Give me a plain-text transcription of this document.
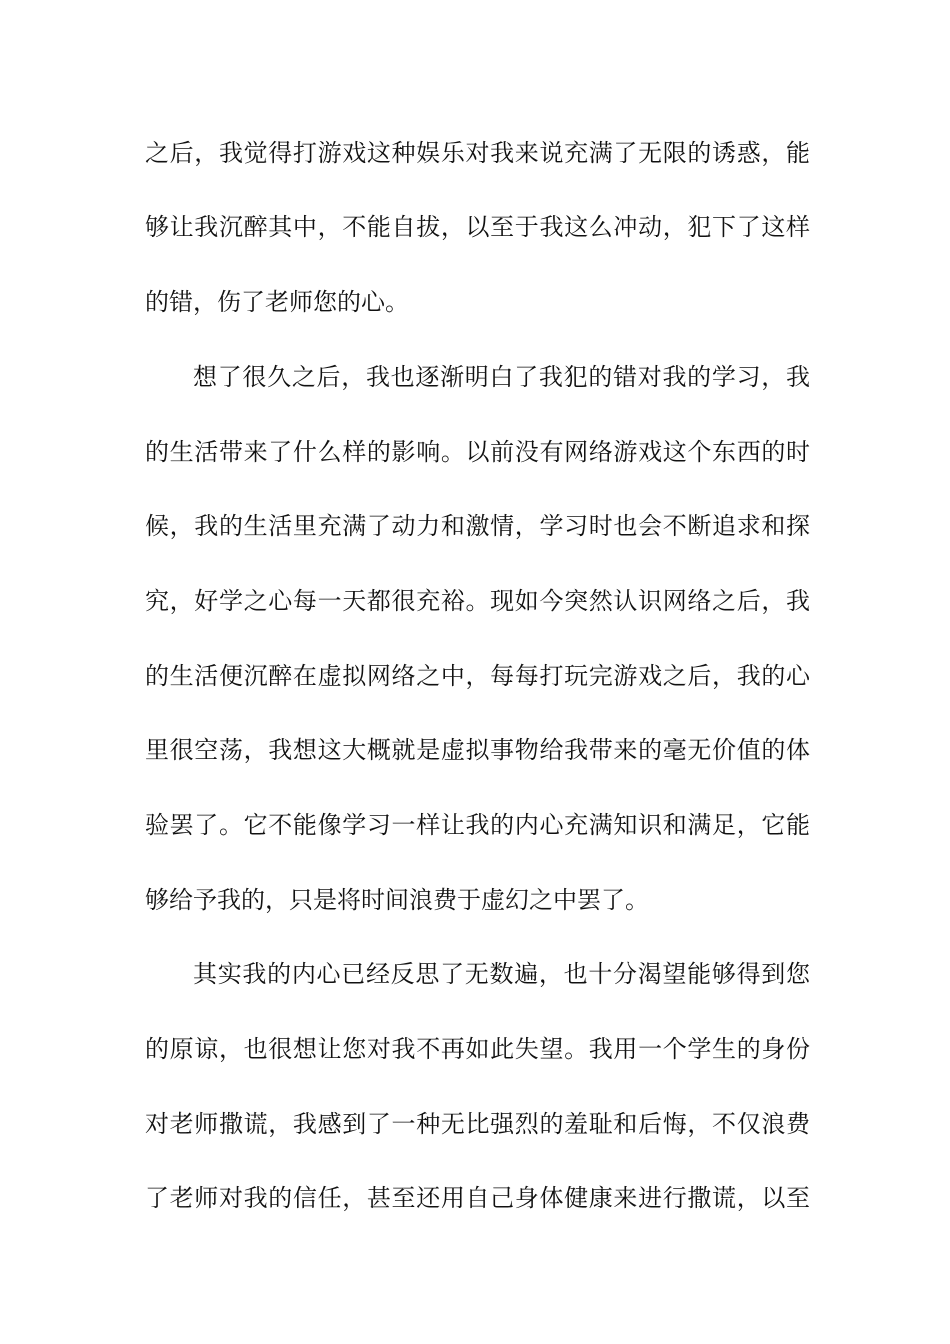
之后，我觉得打游戏这种娱乐对我来说充满了无限的诱惑，能
够让我沉醉其中，不能自拔，以至于我这么冲动，犯下了这样
的错，伤了老师您的心。
想了很久之后，我也逐渐明白了我犯的错对我的学习，我
的生活带来了什么样的影响。以前没有网络游戏这个东西的时
候，我的生活里充满了动力和激情，学习时也会不断追求和探
究，好学之心每一天都很充裕。现如今突然认识网络之后，我
的生活便沉醉在虚拟网络之中，每每打玩完游戏之后，我的心
里很空荡，我想这大概就是虚拟事物给我带来的毫无价值的体
验罢了。它不能像学习一样让我的内心充满知识和满足，它能
够给予我的，只是将时间浪费于虚幻之中罢了。
其实我的内心已经反思了无数遍，也十分渴望能够得到您
的原谅，也很想让您对我不再如此失望。我用一个学生的身份
对老师撒谎，我感到了一种无比强烈的羞耻和后悔，不仅浪费
了老师对我的信任，甚至还用自己身体健康来进行撒谎，以至
